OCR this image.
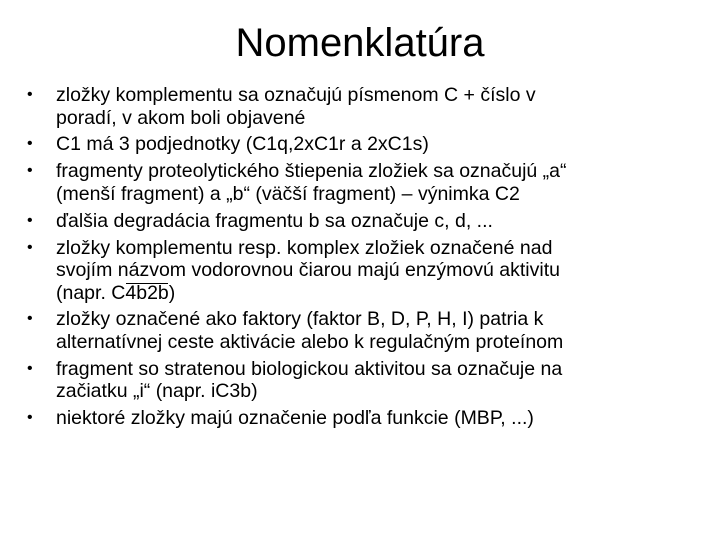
Nomenklatúra
•	zložky komplementu sa označujú písmenom C + číslo v
poradí, v akom boli objavené
•	C1 má 3 podjednotky (C1q,2xC1r a 2xC1s)
•	fragmenty proteolytického štiepenia zložiek sa označujú „a“
(menší fragment) a „b“ (väčší fragment) – výnimka C2
•	ďalšia degradácia fragmentu b sa označuje c, d, ...
•	zložky komplementu resp. komplex zložiek označené nad
svojím názvom vodorovnou čiarou majú enzýmovú aktivitu
(napr. C4b2b)
•	zložky označené ako faktory (faktor B, D, P, H, I) patria k
alternatívnej ceste aktivácie alebo k regulačným proteínom
•	fragment so stratenou biologickou aktivitou sa označuje na
začiatku „i“ (napr. iC3b)
•	niektoré zložky majú označenie podľa funkcie (MBP, ...)
